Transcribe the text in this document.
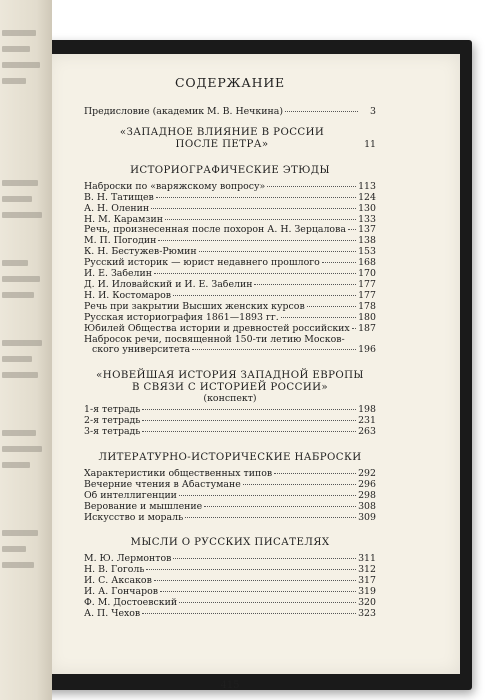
СОДЕРЖАНИЕ
Предисловие (академик М. В. Нечкина)	3
«ЗАПАДНОЕ ВЛИЯНИЕ В РОССИИ
ПОСЛЕ ПЕТРА»	11
ИСТОРИОГРАФИЧЕСКИЕ ЭТЮДЫ
Наброски по «варяжскому вопросу»	113
В. Н. Татищев	124
А. Н. Оленин	130
Н. М. Карамзин	133
Речь, произнесенная после похорон А. Н. Зерцалова 137
М. П. Погодин	138
К. Н. Бестужев-Рюмин	153
Русский историк — юрист недавнего прошлого	168
И. Е. Забелин	170
Д. И. Иловайский и И. Е. Забелин	177
Н. И. Костомаров	177
Речь при закрытии Высших женских курсов	178
Русская историография 1861—1893 гг.	180
Юбилей Общества истории и древностей российских 187
Набросок речи, посвященной 150-ти летию Москов-
ского университета	196
«НОВЕЙШАЯ ИСТОРИЯ ЗАПАДНОЙ ЕВРОПЫ
В СВЯЗИ С ИСТОРИЕЙ РОССИИ»
(конспект)
1-я тетрадь	198
2-я тетрадь	231
3-я тетрадь	263
ЛИТЕРАТУРНО-ИСТОРИЧЕСКИЕ НАБРОСКИ
Характеристики общественных типов	292
Вечерние чтения в Абастумане	296
Об интеллигенции	298
Верование и мышление	308
Искусство и мораль	309
МЫСЛИ О РУССКИХ ПИСАТЕЛЯХ
М. Ю. Лермонтов	311
Н. В. Гоголь	312
И. С. Аксаков	317
И. А. Гончаров	319
Ф. М. Достоевский	320
А. П. Чехов	323
415
